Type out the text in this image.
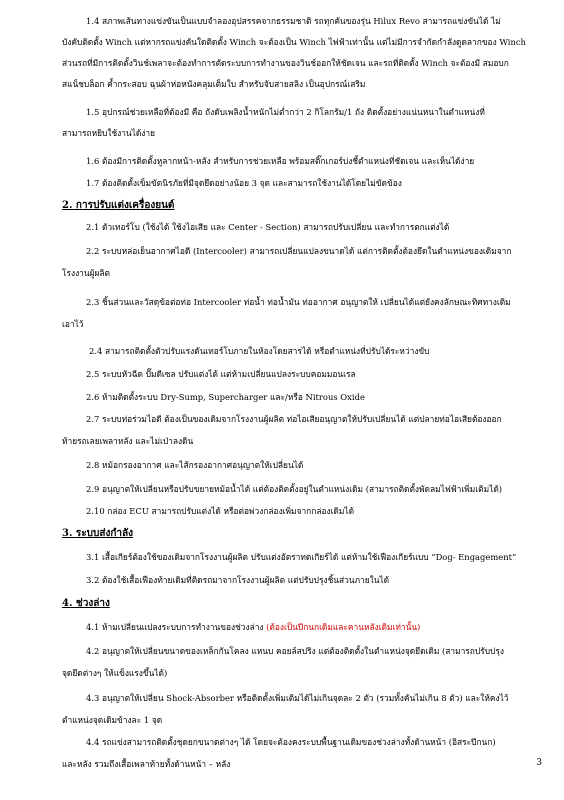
1.4 สภาพเส้นทางแข่งขันเป็นแบบจำลองอุปสรรคจากธรรมชาติ รถทุกคันของรุ่น Hilux Revo สามารถแข่งขันได้ ไม่
บังคับติดตั้ง Winch แต่หากรถแข่งคันใดติดตั้ง Winch จะต้องเป็น Winch ไฟฟ้าเท่านั้น แต่ไม่มีการจำกัดกำลังดูดลากของ Winch
ส่วนรถที่มีการติดตั้งวินช์เพลาจะต้องทำการตัดระบบการทำงานของวินช์ออกให้ชัดเจน และรถที่ติดตั้ง Winch จะต้องมี สมอบก
สแน็ชบล็อก ค้ำกระสอบ ฉุนผ้าห่อหนังคลุมเต็มใบ สำหรับจับสายสลิง เป็นอุปกรณ์เสริม
1.5 อุปกรณ์ช่วยเหลือที่ต้องมี คือ ถังดับเพลิงน้ำหนักไม่ต่ำกว่า 2 กิโลกรัม/1 ถัง ติดตั้งอย่างแน่นหนาในตำแหน่งที่
สามารถหยิบใช้งานได้ง่าย
1.6 ต้องมีการติดตั้งหูลากหน้า-หลัง สำหรับการช่วยเหลือ พร้อมสติ๊กเกอร์บ่งชี้ตำแหน่งที่ชัดเจน และเห็นได้ง่าย
1.7 ต้องติดตั้งเข็มขัดนิรภัยที่มีจุดยึดอย่างน้อย 3 จุด และสามารถใช้งานได้โดยไม่ขัดข้อง
2. การปรับแต่งเครื่องยนต์
2.1 ตัวเทอร์โบ (ใช้งได้ ใช้งไอเสีย และ Center - Section) สามารถปรับเปลี่ยน และทำการตกแต่งได้
2.2 ระบบหล่อเย็นอากาศไอดี (Intercooler) สามารถเปลี่ยนแปลงขนาดได้ แต่การติดตั้งต้องยึดในตำแหน่งของเดิมจาก
โรงงานผู้ผลิต
2.3 ชิ้นส่วนและวัสดุข้อต่อท่อ Intercooler ท่อน้ำ ท่อน้ำมัน ท่ออากาศ อนุญาตให้ เปลี่ยนได้แต่ยังคงลักษณะทิศทางเดิม
เอาไว้
2.4 สามารถติดตั้งตัวปรับแรงดันเทอร์โบภายในห้องโดยสารได้ หรือตำแหน่งที่ปรับได้ระหว่างขับ
2.5 ระบบหัวฉีด ปั๊มดีเซล ปรับแต่งได้ แต่ห้ามเปลี่ยนแปลงระบบคอมมอนเรล
2.6 ห้ามติดตั้งระบบ Dry-Sump, Supercharger และ/หรือ Nitrous Oxide
2.7 ระบบท่อร่วมไอดี ต้องเป็นของเดิมจากโรงงานผู้ผลิต ท่อไอเสียอนุญาตให้ปรับเปลี่ยนได้ แต่ปลายท่อไอเสียต้องออก
ท้ายรถเลยเพลาหลัง และไม่เป่าลงดิน
2.8 หม้อกรองอากาศ และไส้กรองอากาศอนุญาตให้เปลี่ยนได้
2.9 อนุญาตให้เปลี่ยนหรือปรับขยายหม้อน้ำได้ แต่ต้องติดตั้งอยู่ในตำแหน่งเดิม (สามารถติดตั้งพัดลมไฟฟ้าเพิ่มเติมได้)
2.10 กล่อง ECU สามารถปรับแต่งได้ หรือต่อพ่วงกล่องเพิ่มจากกล่องเดิมได้
3. ระบบส่งกำลัง
3.1 เสื้อเกียร์ต้องใช้ของเดิมจากโรงงานผู้ผลิต ปรับแต่งอัตราทดเกียร์ได้ แต่ห้ามใช้เฟืองเกียร์แบบ “Dog- Engagement”
3.2 ต้องใช้เสื้อเฟืองท้ายเดิมที่ติดรถมาจากโรงงานผู้ผลิต แต่ปรับปรุงชิ้นส่วนภายในได้
4. ช่วงล่าง
4.1 ห้ามเปลี่ยนแปลงระบบการทำงานของช่วงล่าง (ต้องเป็นปีกนกเดิมและคานหลังเดิมเท่านั้น)
4.2 อนุญาตให้เปลี่ยนขนาดของเหล็กกันโคลง แหนบ คอยล์สปริง แต่ต้องติดตั้งในตำแหน่งจุดยึดเดิม (สามารถปรับปรุง
จุดยึดต่างๆ ให้แข็งแรงขึ้นได้)
4.3 อนุญาตให้เปลี่ยน Shock-Absorber หรือติดตั้งเพิ่มเติมได้ไม่เกินจุดละ 2 ตัว (รวมทั้งคันไม่เกิน 8 ตัว) และให้คงไว้
ตำแหน่งจุดเดิมข้างละ 1 จุด
4.4 รถแข่งสามารถติดตั้งชุดยกขนาดต่างๆ ได้ โดยจะต้องคงระบบพื้นฐานเดิมของช่วงล่างทั้งด้านหน้า (อิสระปีกนก)
และหลัง รวมถึงเสื้อเพลาท้ายทั้งด้านหน้า – หลัง	3
